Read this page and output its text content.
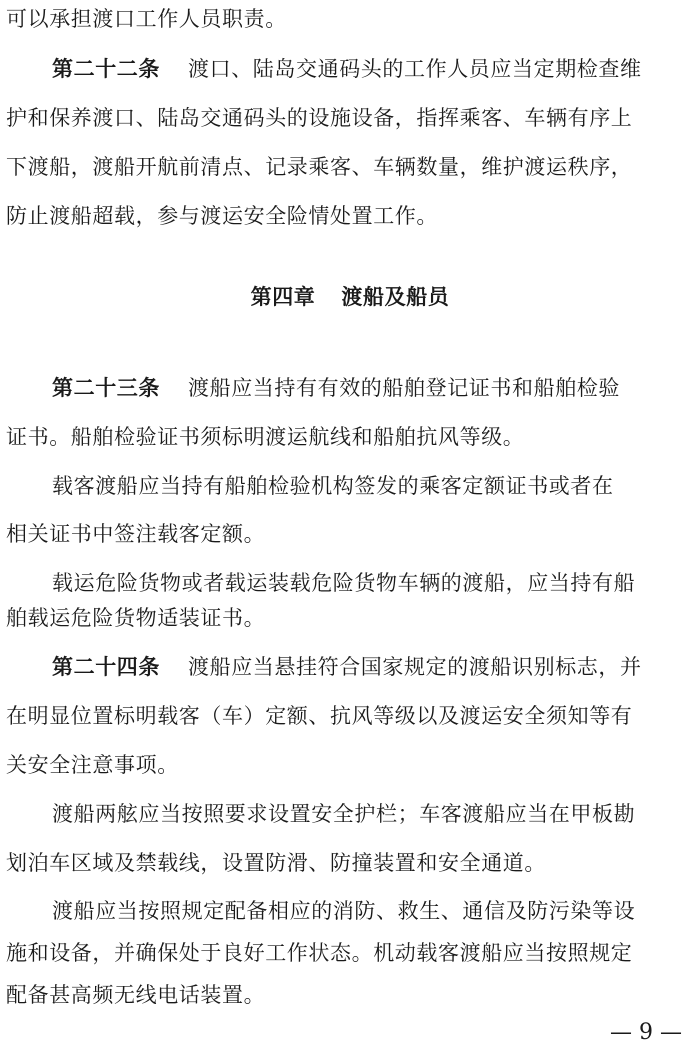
可以承担渡口工作人员职责。
第二十二条 渡口、陆岛交通码头的工作人员应当定期检查维
护和保养渡口、陆岛交通码头的设施设备，指挥乘客、车辆有序上
下渡船，渡船开航前清点、记录乘客、车辆数量，维护渡运秩序，
防止渡船超载，参与渡运安全险情处置工作。
第四章 渡船及船员
第二十三条 渡船应当持有有效的船舶登记证书和船舶检验
证书。船舶检验证书须标明渡运航线和船舶抗风等级。
载客渡船应当持有船舶检验机构签发的乘客定额证书或者在
相关证书中签注载客定额。
载运危险货物或者载运装载危险货物车辆的渡船，应当持有船
舶载运危险货物适装证书。
第二十四条 渡船应当悬挂符合国家规定的渡船识别标志，并
在明显位置标明载客（车）定额、抗风等级以及渡运安全须知等有
关安全注意事项。
渡船两舷应当按照要求设置安全护栏；车客渡船应当在甲板勘
划泊车区域及禁载线，设置防滑、防撞装置和安全通道。
渡船应当按照规定配备相应的消防、救生、通信及防污染等设
施和设备，并确保处于良好工作状态。机动载客渡船应当按照规定
配备甚高频无线电话装置。
— 9 —
